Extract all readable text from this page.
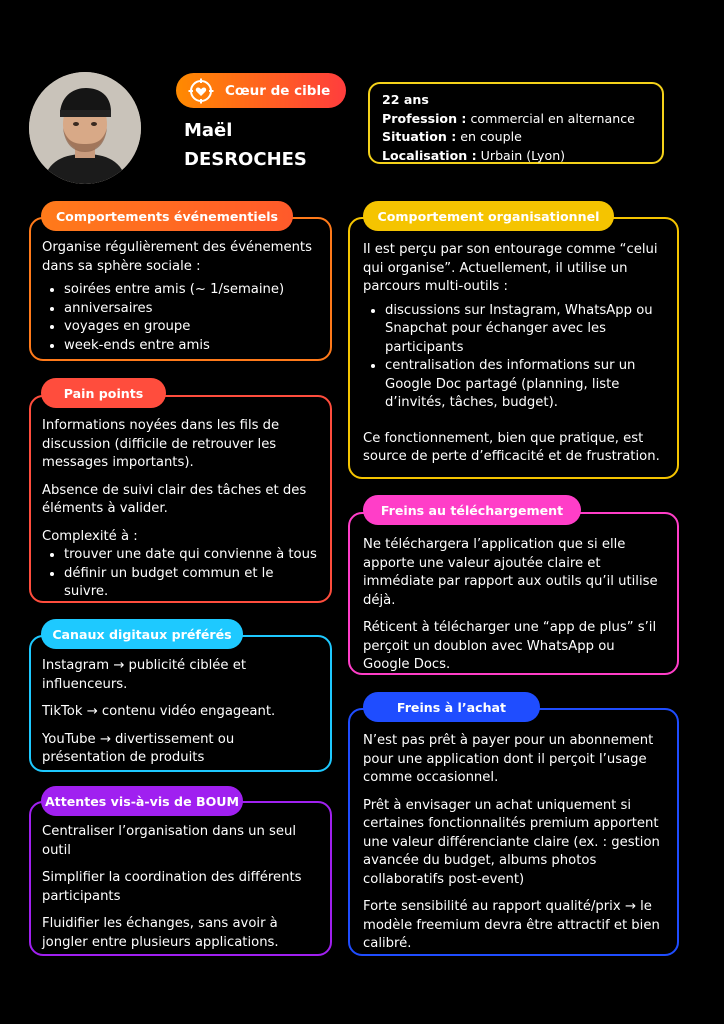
Cœur de cible
Maël
DESROCHES
22 ans
Profession : commercial en alternance
Situation : en couple
Localisation : Urbain (Lyon)

Organise régulièrement des événements dans sa sphère sociale :

• soirées entre amis (~ 1/semaine)
• anniversaires
• voyages en groupe
• week-ends entre amis
Comportements événementiels

Informations noyées dans les fils de discussion (difficile de retrouver les messages importants).

Absence de suivi clair des tâches et des éléments à valider.

Complexité à :

• trouver une date qui convienne à tous
• définir un budget commun et le suivre.
Pain points

Instagram → publicité ciblée et influenceurs.

TikTok → contenu vidéo engageant.

YouTube → divertissement ou présentation de produits

Canaux digitaux préférés

Centraliser l’organisation dans un seul outil

Simplifier la coordination des différents participants

Fluidifier les échanges, sans avoir à jongler entre plusieurs applications.

Attentes vis-à-vis de BOUM

Il est perçu par son entourage comme “celui qui organise”. Actuellement, il utilise un parcours multi-outils :

• discussions sur Instagram, WhatsApp ou Snapchat pour échanger avec les participants
• centralisation des informations sur un Google Doc partagé (planning, liste d’invités, tâches, budget).

Ce fonctionnement, bien que pratique, est source de perte d’efficacité et de frustration.

Comportement organisationnel

Ne téléchargera l’application que si elle apporte une valeur ajoutée claire et immédiate par rapport aux outils qu’il utilise déjà.

Réticent à télécharger une “app de plus” s’il perçoit un doublon avec WhatsApp ou Google Docs.

Freins au téléchargement

N’est pas prêt à payer pour un abonnement pour une application dont il perçoit l’usage comme occasionnel.

Prêt à envisager un achat uniquement si certaines fonctionnalités premium apportent une valeur différenciante claire (ex. : gestion avancée du budget, albums photos collaboratifs post-event)

Forte sensibilité au rapport qualité/prix → le modèle freemium devra être attractif et bien calibré.

Freins à l’achat
